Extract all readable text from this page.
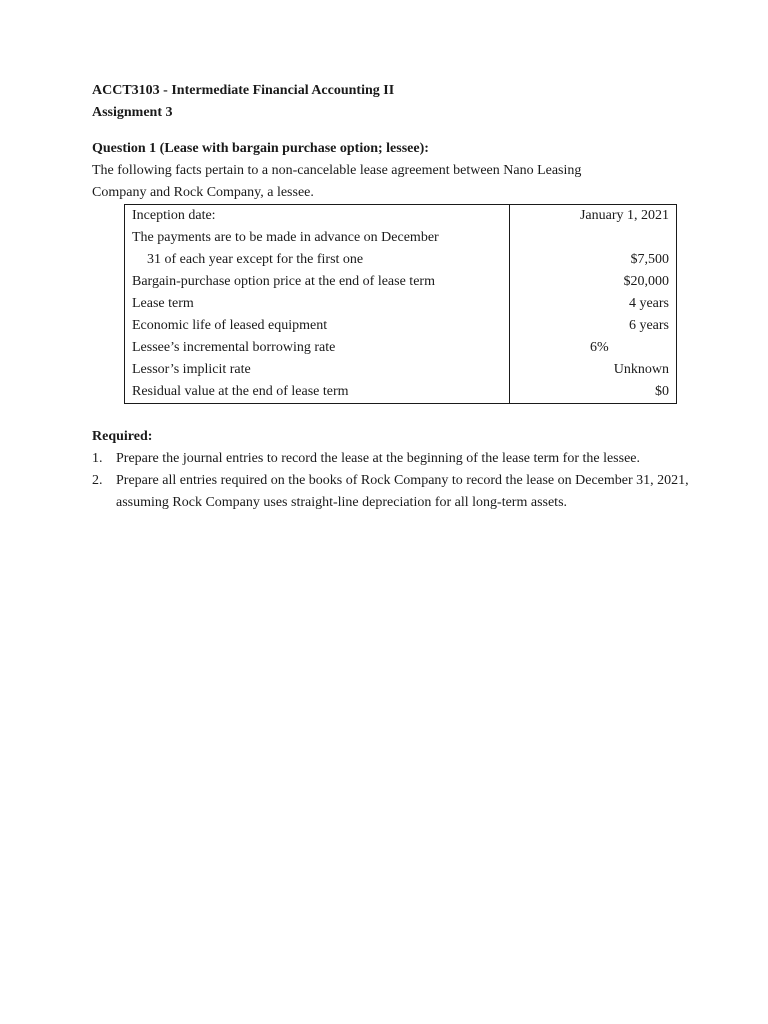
ACCT3103 - Intermediate Financial Accounting II

Assignment 3

Question 1 (Lease with bargain purchase option; lessee):

The following facts pertain to a non-cancelable lease agreement between Nano Leasing
Company and Rock Company, a lessee.

Inception date:	January 1, 2021
The payments are to be made in advance on December	
31 of each year except for the first one	$7,500
Bargain-purchase option price at the end of lease term	$20,000
Lease term	4 years
Economic life of leased equipment	6 years
Lessee’s incremental borrowing rate	6%
Lessor’s implicit rate	Unknown
Residual value at the end of lease term	$0

Required:

1. Prepare the journal entries to record the lease at the beginning of the lease term for the lessee.
2. Prepare all entries required on the books of Rock Company to record the lease on December 31, 2021, assuming Rock Company uses straight-line depreciation for all long-term assets.
